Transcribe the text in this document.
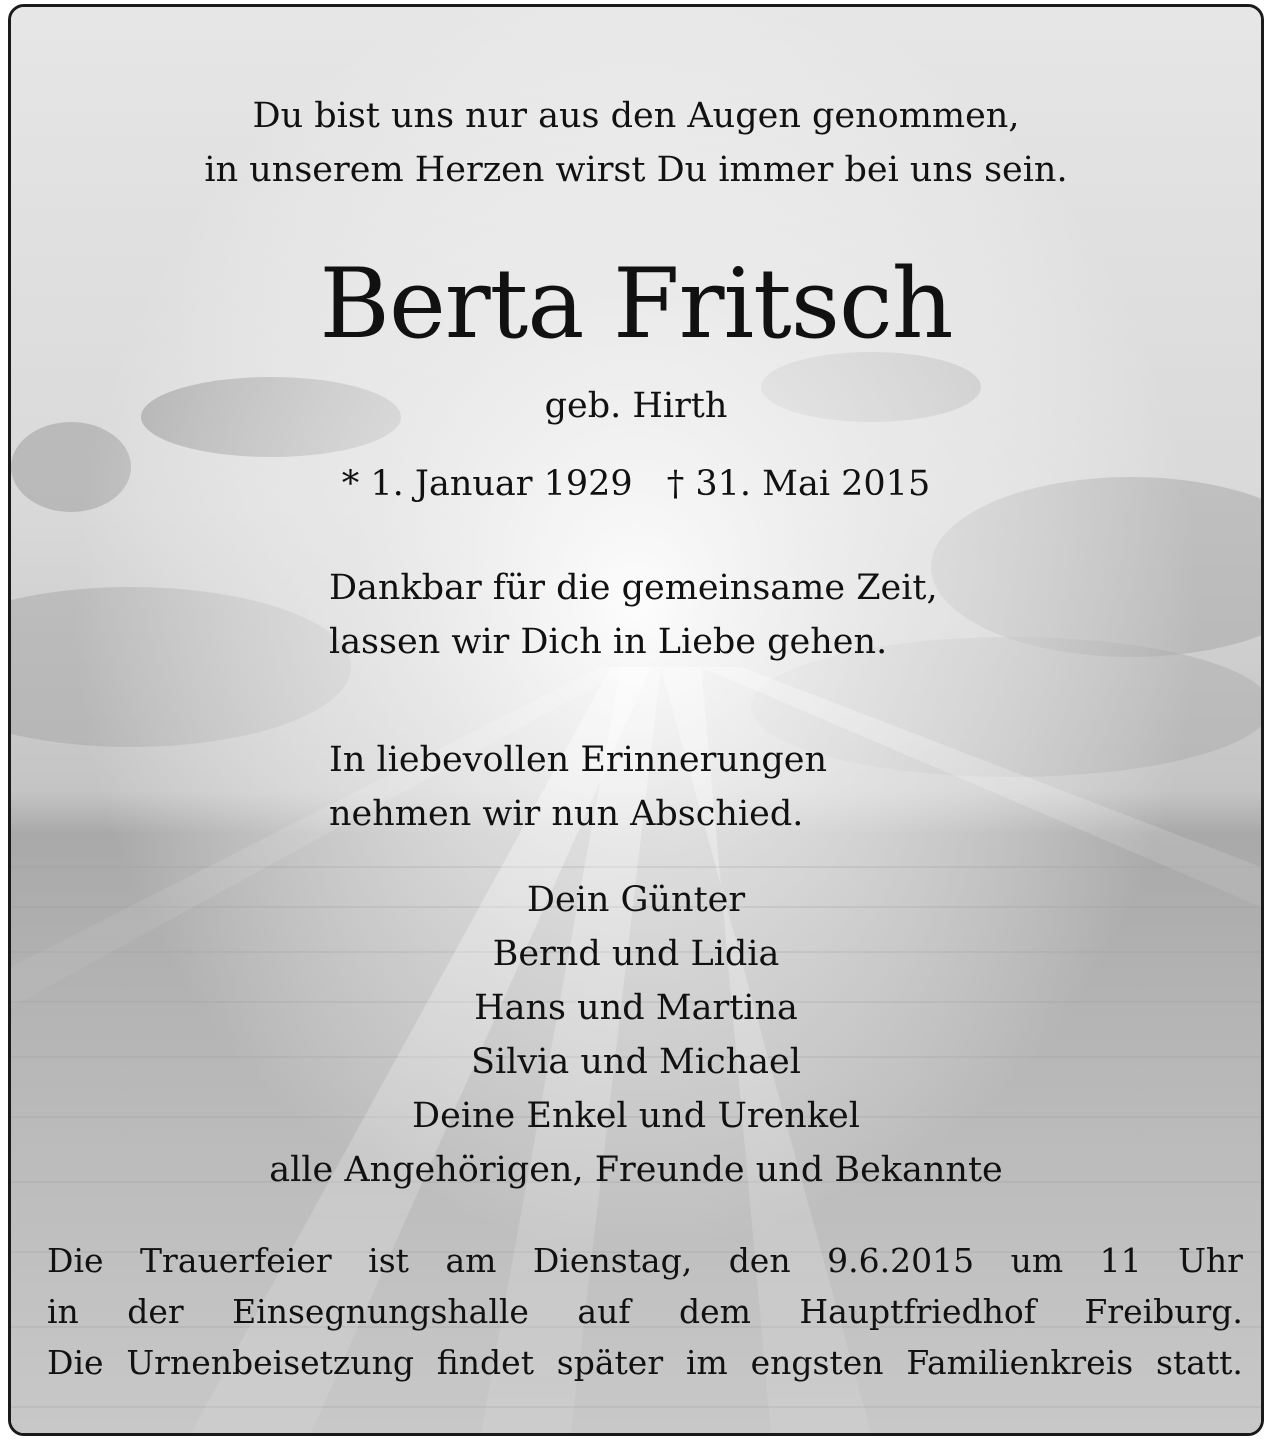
Du bist uns nur aus den Augen genommen,
in unserem Herzen wirst Du immer bei uns sein.
Berta Fritsch
geb. Hirth
* 1. Januar 1929 † 31. Mai 2015
Dankbar für die gemeinsame Zeit,
lassen wir Dich in Liebe gehen.
In liebevollen Erinnerungen
nehmen wir nun Abschied.
Dein Günter
Bernd und Lidia
Hans und Martina
Silvia und Michael
Deine Enkel und Urenkel
alle Angehörigen, Freunde und Bekannte
Die Trauerfeier ist am Dienstag, den 9.6.2015 um 11 Uhr
in der Einsegnungshalle auf dem Hauptfriedhof Freiburg.
Die Urnenbeisetzung findet später im engsten Familienkreis statt.
